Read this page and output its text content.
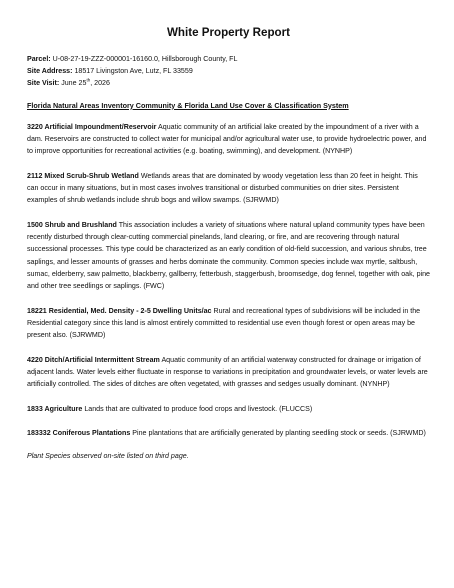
White Property Report
Parcel: U-08-27-19-ZZZ-000001-16160.0, Hillsborough County, FL
Site Address: 18517 Livingston Ave, Lutz, FL 33559
Site Visit: June 25th, 2026
Florida Natural Areas Inventory Community & Florida Land Use Cover & Classification System

3220 Artificial Impoundment/Reservoir Aquatic community of an artificial lake created by the impoundment of a river with a dam. Reservoirs are constructed to collect water for municipal and/or agricultural water use, to provide hydroelectric power, and to improve opportunities for recreational activities (e.g. boating, swimming), and development. (NYNHP)

2112 Mixed Scrub-Shrub Wetland Wetlands areas that are dominated by woody vegetation less than 20 feet in height. This can occur in many situations, but in most cases involves transitional or disturbed communities on drier sites. Persistent examples of shrub wetlands include shrub bogs and willow swamps. (SJRWMD)

1500 Shrub and Brushland This association includes a variety of situations where natural upland community types have been recently disturbed through clear-cutting commercial pinelands, land clearing, or fire, and are recovering through natural successional processes. This type could be characterized as an early condition of old-field succession, and various shrubs, tree saplings, and lesser amounts of grasses and herbs dominate the community. Common species include wax myrtle, saltbush, sumac, elderberry, saw palmetto, blackberry, gallberry, fetterbush, staggerbush, broomsedge, dog fennel, together with oak, pine and other tree seedlings or saplings. (FWC)

18221 Residential, Med. Density - 2-5 Dwelling Units/ac Rural and recreational types of subdivisions will be included in the Residential category since this land is almost entirely committed to residential use even though forest or open areas may be present also. (SJRWMD)

4220 Ditch/Artificial Intermittent Stream Aquatic community of an artificial waterway constructed for drainage or irrigation of adjacent lands. Water levels either fluctuate in response to variations in precipitation and groundwater levels, or water levels are artificially controlled. The sides of ditches are often vegetated, with grasses and sedges usually dominant. (NYNHP)

1833 Agriculture Lands that are cultivated to produce food crops and livestock. (FLUCCS)

183332 Coniferous Plantations Pine plantations that are artificially generated by planting seedling stock or seeds. (SJRWMD)

Plant Species observed on-site listed on third page.
